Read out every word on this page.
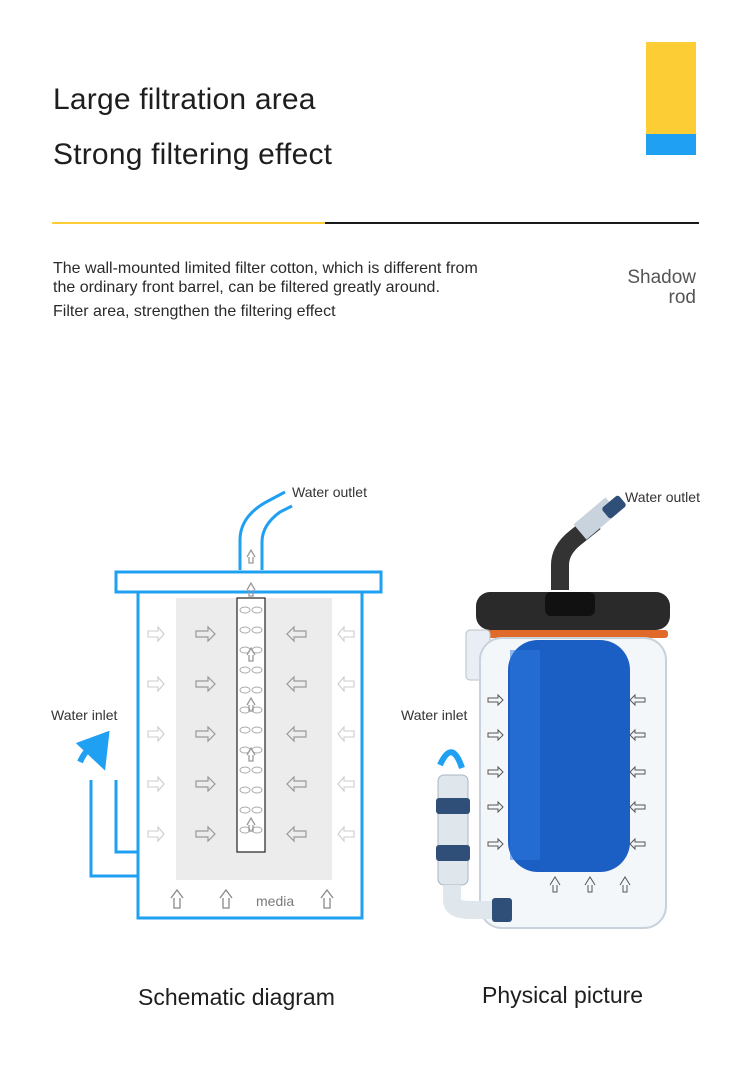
Large filtration area
Strong filtering effect
The wall-mounted limited filter cotton, which is different from
the ordinary front barrel, can be filtered greatly around.
Filter area, strengthen the filtering effect
Shadow
rod
Water outlet
Water inlet
media
Schematic diagram
Water outlet
Water inlet
Physical picture
